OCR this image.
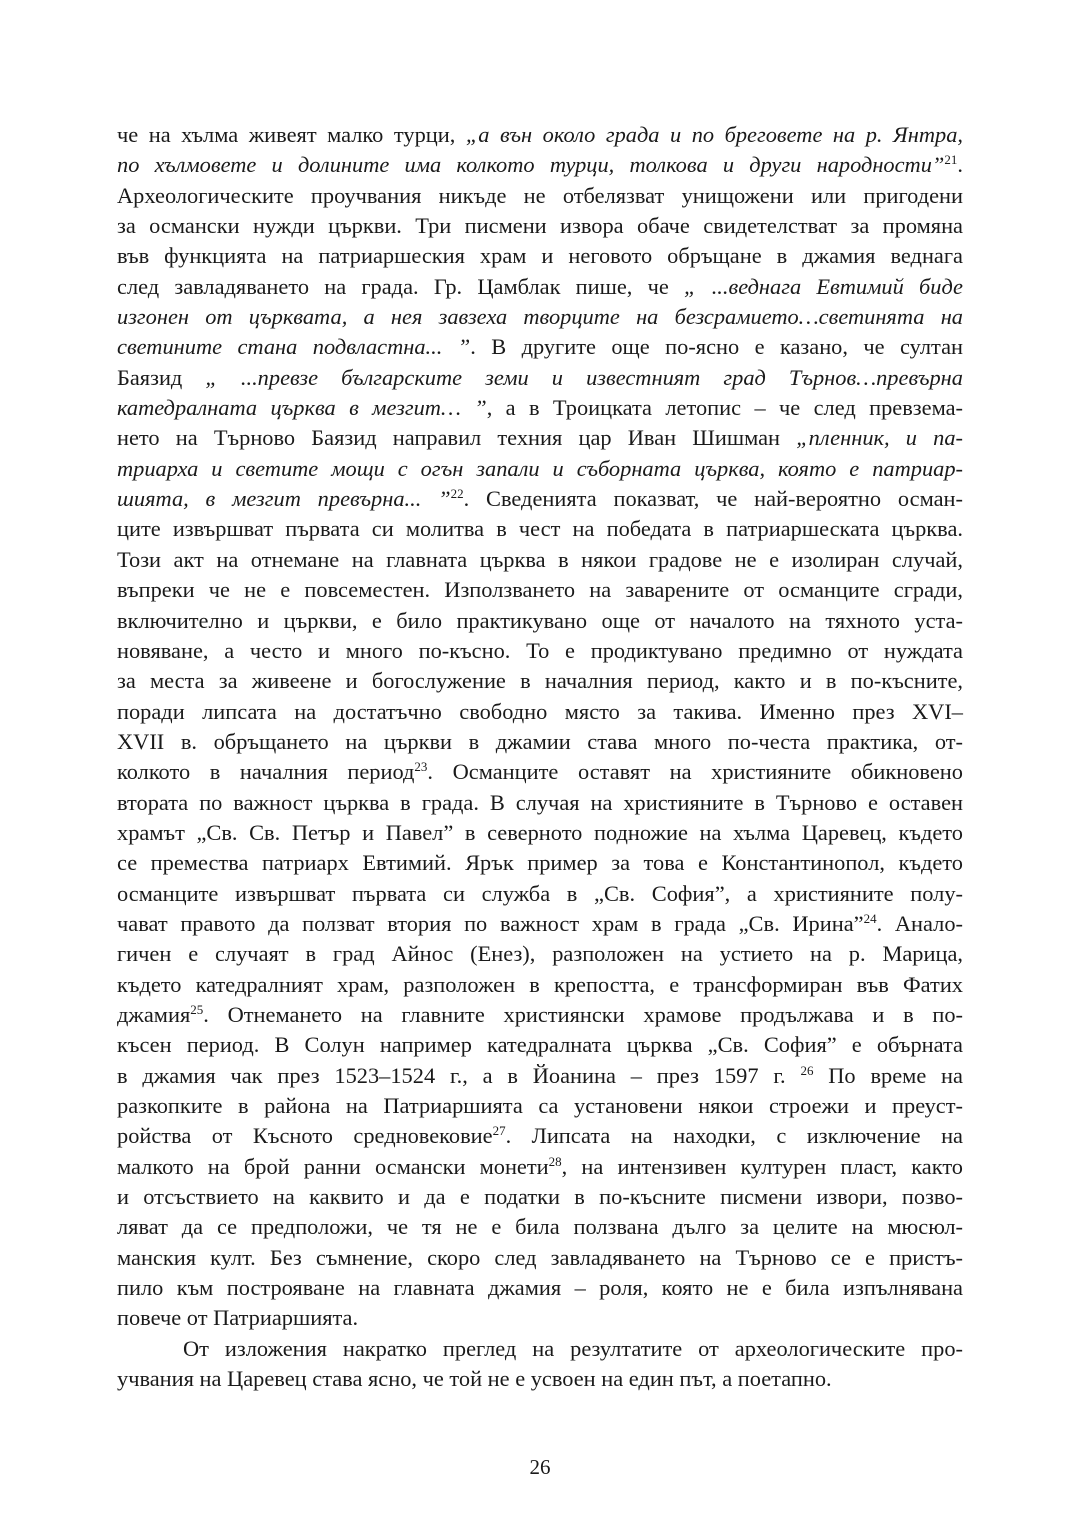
че на хълма живеят малко турци, „а вън около града и по бреговете на р. Янтра,
по хълмовете и долините има колкото турци, толкова и други народности”$^{21}$.
Археологическите проучвания никъде не отбелязват унищожени или пригодени
за османски нужди църкви. Три писмени извора обаче свидетелстват за промяна
във функцията на патриаршеския храм и неговото обръщане в джамия веднага
след завладяването на града. Гр. Цамблак пише, че „ ...веднага Евтимий биде
изгонен от църквата, а нея завзеха творците на безсрамието…светинята на
светините стана подвластна... ”. В другите още по-ясно е казано, че султан
Баязид „ ...превзе българските земи и известният град Търнов…превърна
катедралната църква в мезгит… ”, а в Троицката летопис – че след превзема-
нето на Търново Баязид направил техния цар Иван Шишман „пленник, и па-
триарха и светите мощи с огън запали и съборната църква, която е патриар-
шията, в мезгит превърна... ”$^{22}$. Сведенията показват, че най-вероятно осман-
ците извършват първата си молитва в чест на победата в патриаршеската църква.
Този акт на отнемане на главната църква в някои градове не е изолиран случай,
въпреки че не е повсеместен. Използването на заварените от османците сгради,
включително и църкви, е било практикувано още от началото на тяхното уста-
новяване, а често и много по-късно. То е продиктувано предимно от нуждата
за места за живеене и богослужение в началния период, както и в по-късните,
поради липсата на достатъчно свободно място за такива. Именно през XVI–
XVII в. обръщането на църкви в джамии става много по-честа практика, от-
колкото в началния период$^{23}$. Османците оставят на християните обикновено
втората по важност църква в града. В случая на християните в Търново е оставен
храмът „Св. Св. Петър и Павел” в северното подножие на хълма Царевец, където
се премества патриарх Евтимий. Ярък пример за това е Константинопол, където
османците извършват първата си служба в „Св. София”, а християните полу-
чават правото да ползват втория по важност храм в града „Св. Ирина”$^{24}$. Анало-
гичен е случаят в град Айнос (Енез), разположен на устието на р. Марица,
където катедралният храм, разположен в крепостта, е трансформиран във Фатих
джамия$^{25}$. Отнемането на главните християнски храмове продължава и в по-
късен период. В Солун например катедралната църква „Св. София” е обърната
в джамия чак през 1523–1524 г., а в Йоанина – през 1597 г. $^{26}$ По време на
разкопките в района на Патриаршията са установени някои строежи и преуст-
ройства от Късното средновековие$^{27}$. Липсата на находки, с изключение на
малкото на брой ранни османски монети$^{28}$, на интензивен културен пласт, както
и отсъствието на каквито и да е податки в по-късните писмени извори, позво-
ляват да се предположи, че тя не е била ползвана дълго за целите на мюсюл-
манския култ. Без съмнение, скоро след завладяването на Търново се е пристъ-
пило към построяване на главната джамия – роля, която не е била изпълнявана
повече от Патриаршията.
От изложения накратко преглед на резултатите от археологическите про-
учвания на Царевец става ясно, че той не е усвоен на един път, а поетапно.
26
